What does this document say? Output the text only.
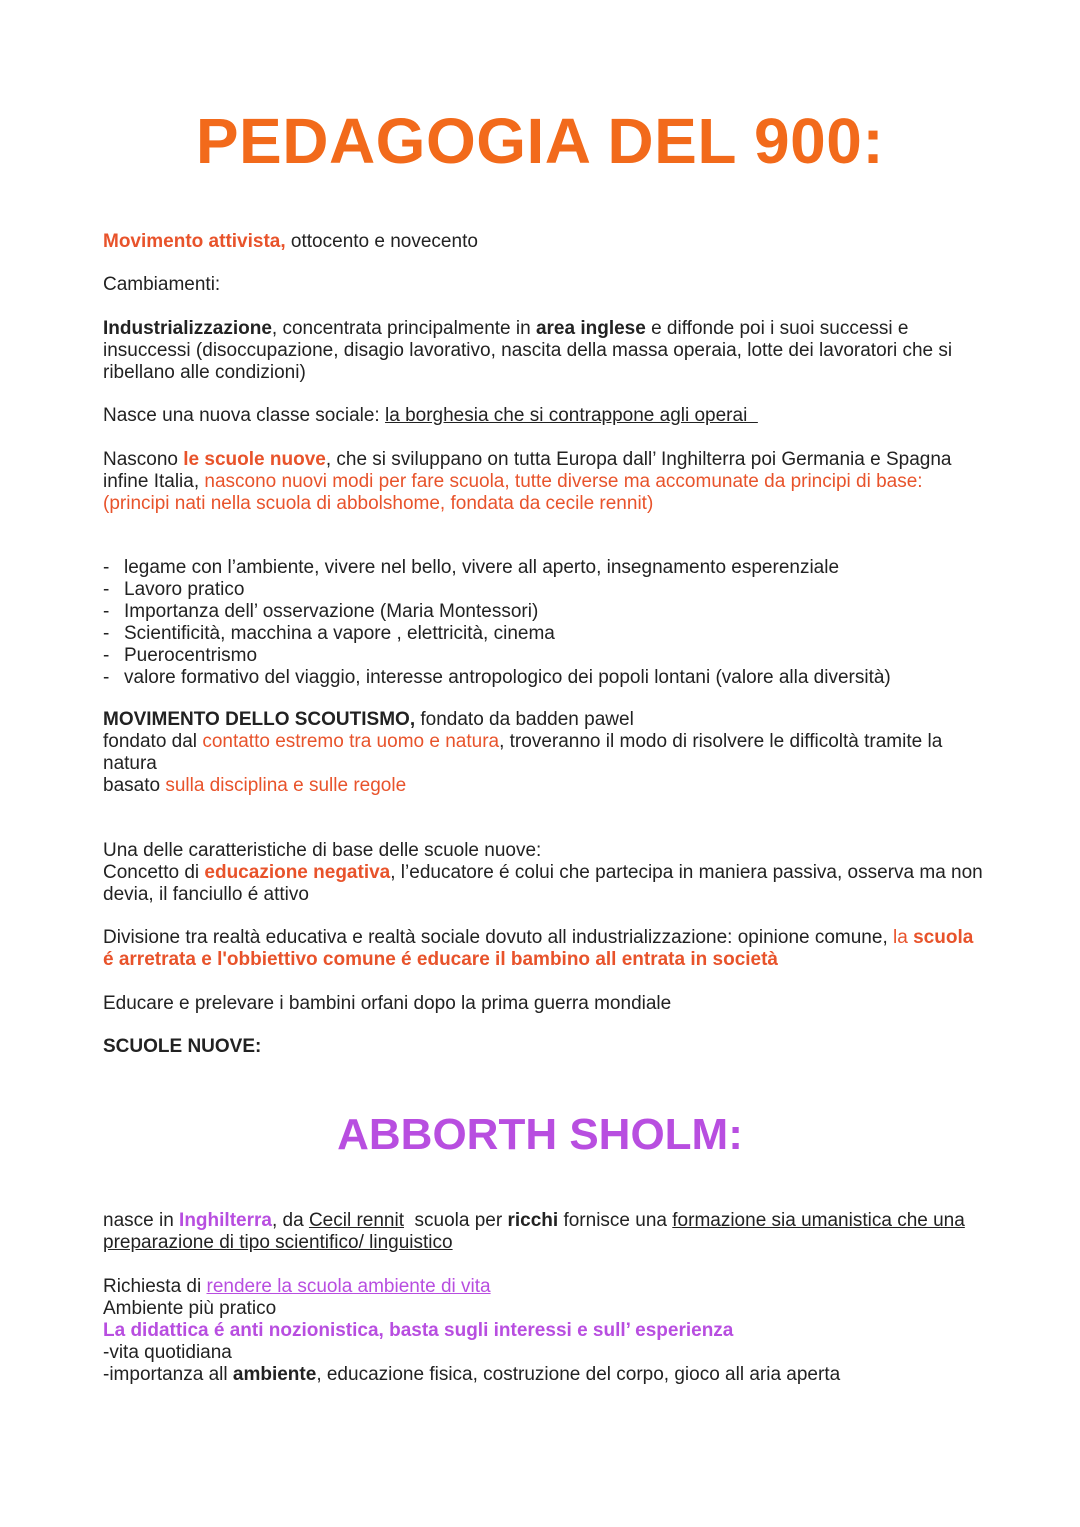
PEDAGOGIA DEL 900:

Movimento attivista, ottocento e novecento

Cambiamenti:

Industrializzazione, concentrata principalmente in area inglese e diffonde poi i suoi successi e insuccessi (disoccupazione, disagio lavorativo, nascita della massa operaia, lotte dei lavoratori che si ribellano alle condizioni)

Nasce una nuova classe sociale: la borghesia che si contrappone agli operai

Nascono le scuole nuove, che si sviluppano on tutta Europa dall’ Inghilterra poi Germania e Spagna infine Italia, nascono nuovi modi per fare scuola, tutte diverse ma accomunate da principi di base: (principi nati nella scuola di abbolshome, fondata da cecile rennit)

- legame con l’ambiente, vivere nel bello, vivere all aperto, insegnamento esperenziale
- Lavoro pratico
- Importanza dell’ osservazione (Maria Montessori)
- Scientificità, macchina a vapore , elettricità, cinema
- Puerocentrismo
- valore formativo del viaggio, interesse antropologico dei popoli lontani (valore alla diversità)

MOVIMENTO DELLO SCOUTISMO, fondato da badden pawel
fondato dal contatto estremo tra uomo e natura, troveranno il modo di risolvere le difficoltà tramite la natura
basato sulla disciplina e sulle regole

Una delle caratteristiche di base delle scuole nuove:
Concetto di educazione negativa, l’educatore é colui che partecipa in maniera passiva, osserva ma non devia, il fanciullo é attivo

Divisione tra realtà educativa e realtà sociale dovuto all industrializzazione: opinione comune, la scuola é arretrata e l'obbiettivo comune é educare il bambino all entrata in società

Educare e prelevare i bambini orfani dopo la prima guerra mondiale

SCUOLE NUOVE:

ABBORTH SHOLM:

nasce in Inghilterra, da Cecil rennit  scuola per ricchi fornisce una formazione sia umanistica che una preparazione di tipo scientifico/ linguistico

Richiesta di rendere la scuola ambiente di vita
Ambiente più pratico
La didattica é anti nozionistica, basta sugli interessi e sull’ esperienza
-vita quotidiana
-importanza all ambiente, educazione fisica, costruzione del corpo, gioco all aria aperta
